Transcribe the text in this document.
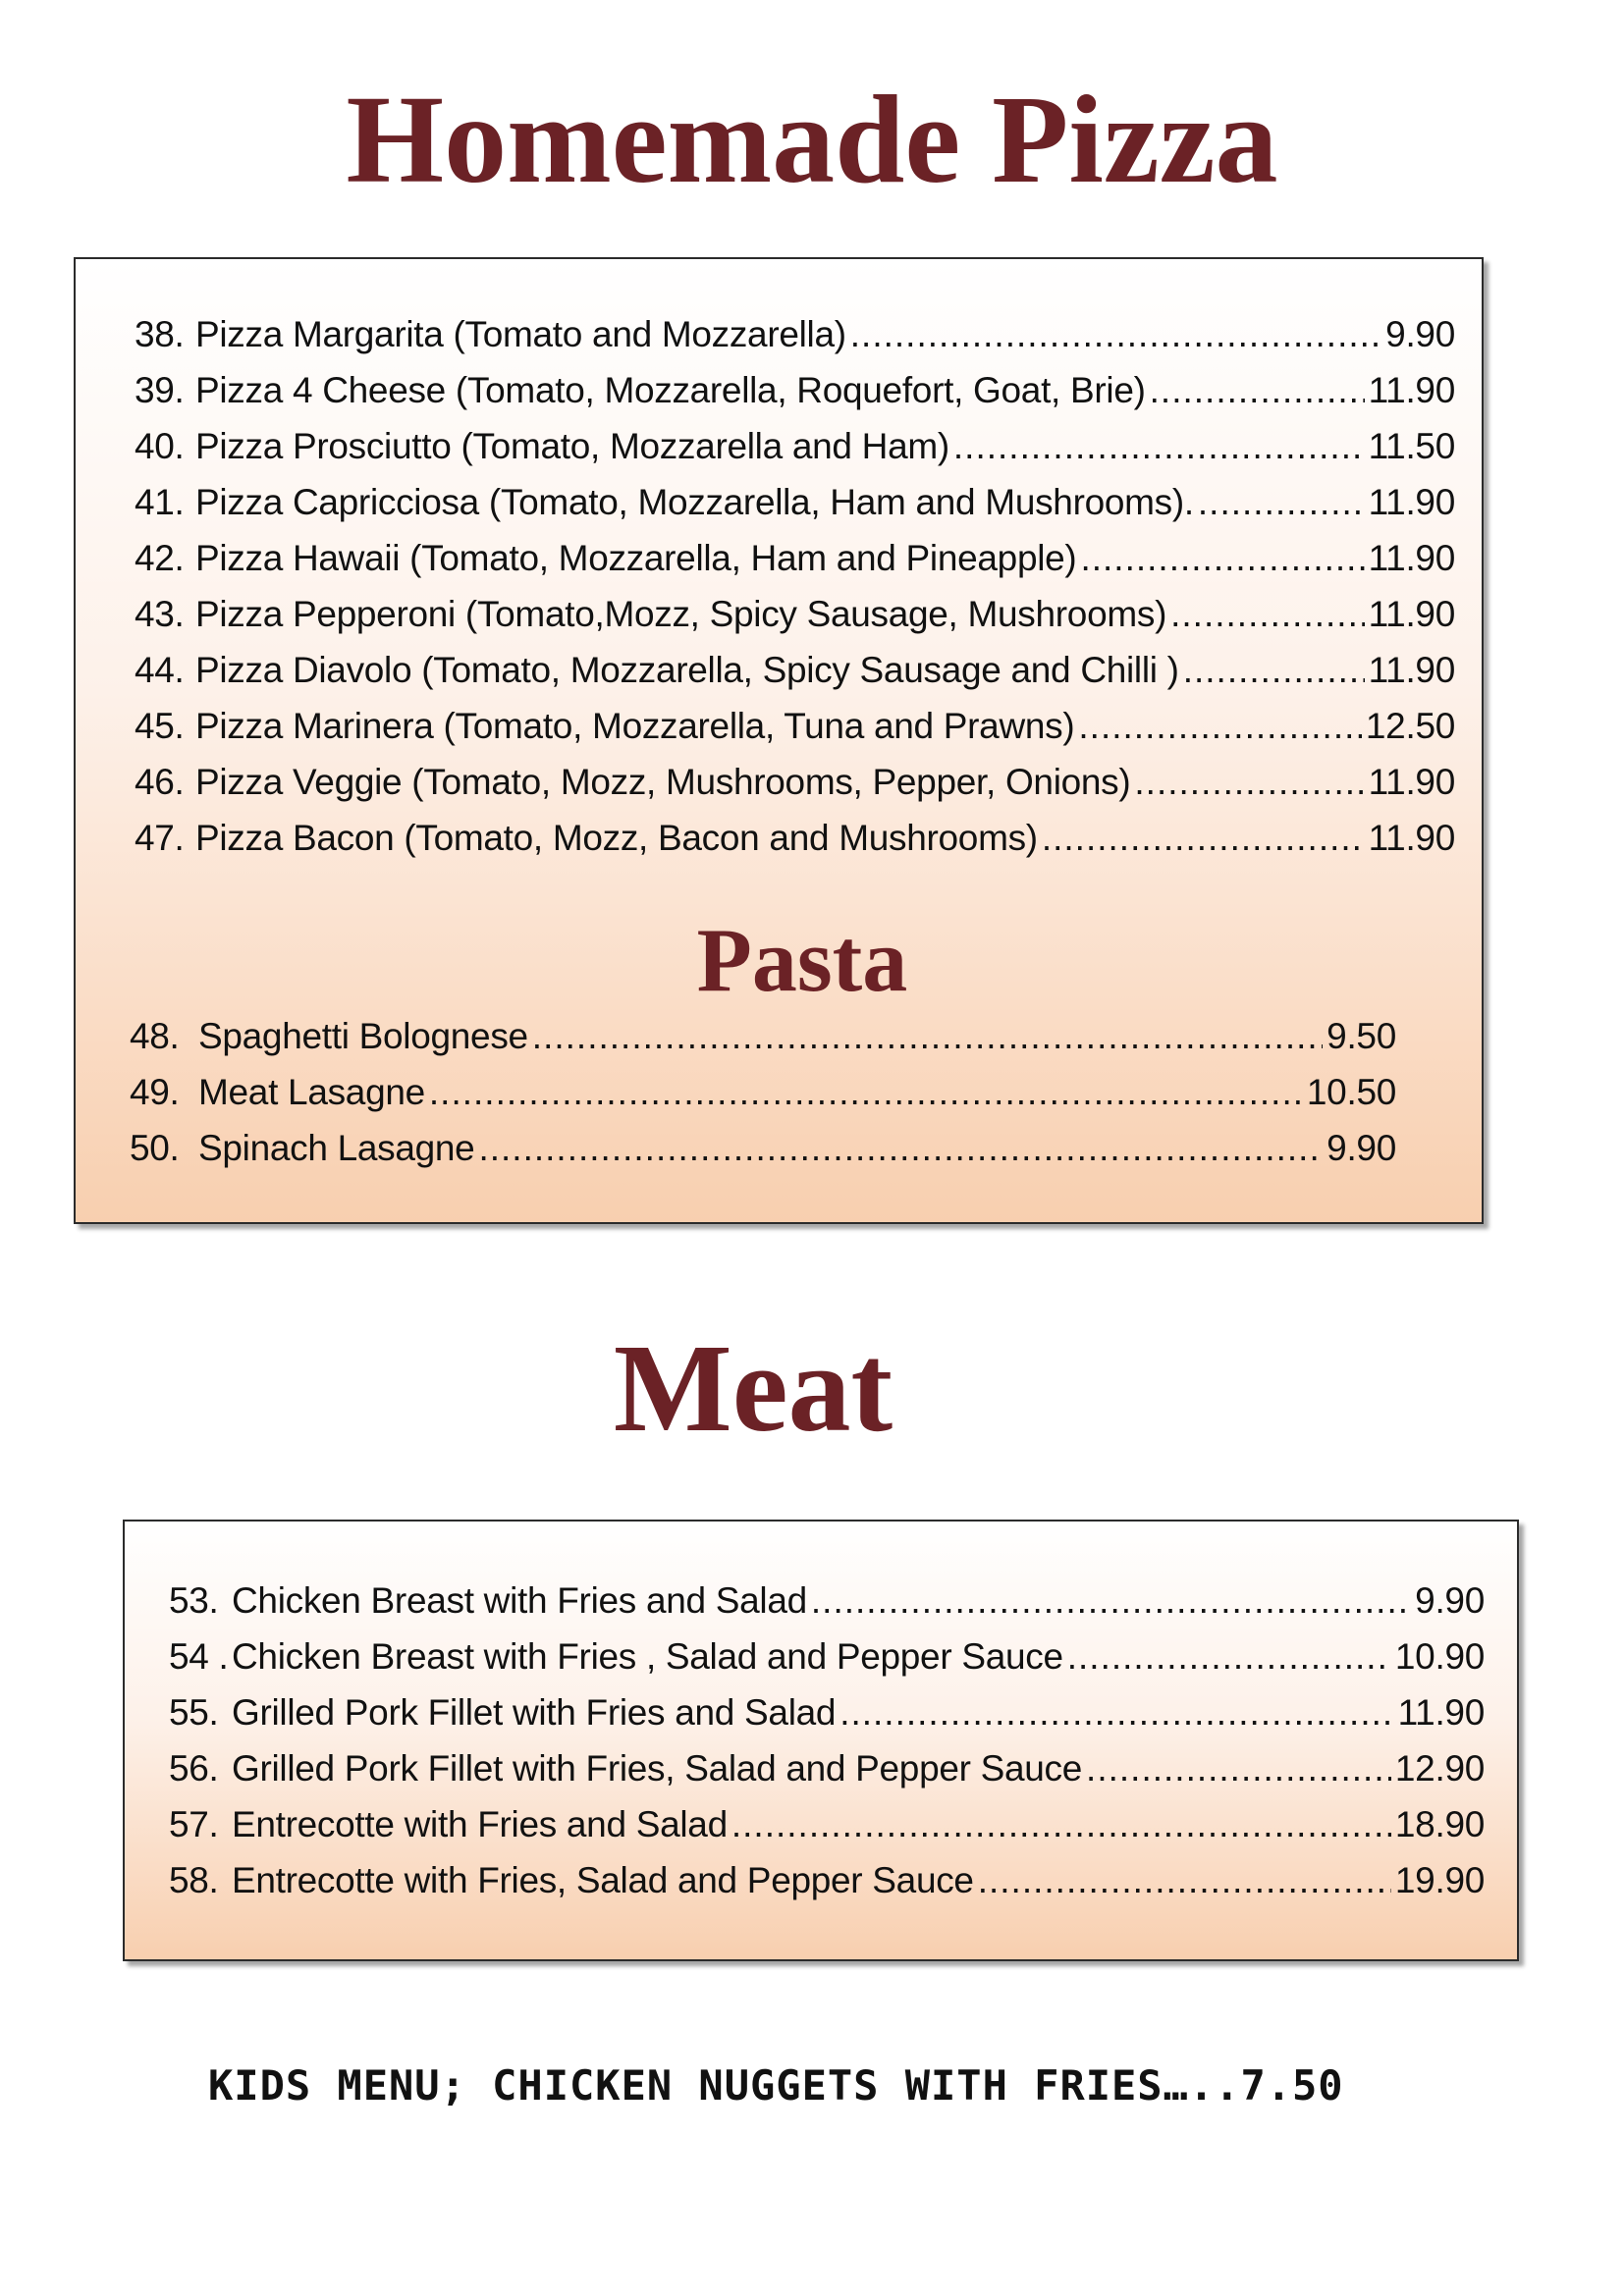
Homemade Pizza
38. Pizza Margarita (Tomato and Mozzarella) .....	9.90
39. Pizza 4 Cheese (Tomato, Mozzarella, Roquefort, Goat, Brie) .....	11.90
40. Pizza Prosciutto (Tomato, Mozzarella and Ham) .....	11.50
41. Pizza Capricciosa (Tomato, Mozzarella, Ham and Mushrooms). .....	11.90
42. Pizza Hawaii (Tomato, Mozzarella, Ham and Pineapple) .....	11.90
43. Pizza Pepperoni (Tomato,Mozz, Spicy Sausage, Mushrooms) .....	11.90
44. Pizza Diavolo (Tomato, Mozzarella, Spicy Sausage and Chilli ) .....	11.90
45. Pizza Marinera (Tomato, Mozzarella, Tuna and Prawns) .....	12.50
46. Pizza Veggie (Tomato, Mozz, Mushrooms, Pepper, Onions) .....	11.90
47. Pizza Bacon (Tomato, Mozz, Bacon and Mushrooms) .....	11.90
Pasta
48. Spaghetti Bolognese .....	9.50
49. Meat Lasagne .....	10.50
50. Spinach Lasagne .....	9.90
Meat
53. Chicken Breast with Fries and Salad .....	9.90
54 . Chicken Breast with Fries , Salad and Pepper Sauce .....	10.90
55. Grilled Pork Fillet with Fries and Salad .....	11.90
56. Grilled Pork Fillet with Fries, Salad and Pepper Sauce .....	12.90
57. Entrecotte with Fries and Salad .....	18.90
58. Entrecotte with Fries, Salad and Pepper Sauce .....	19.90
KIDS MENU; CHICKEN NUGGETS WITH FRIES…..7.50
